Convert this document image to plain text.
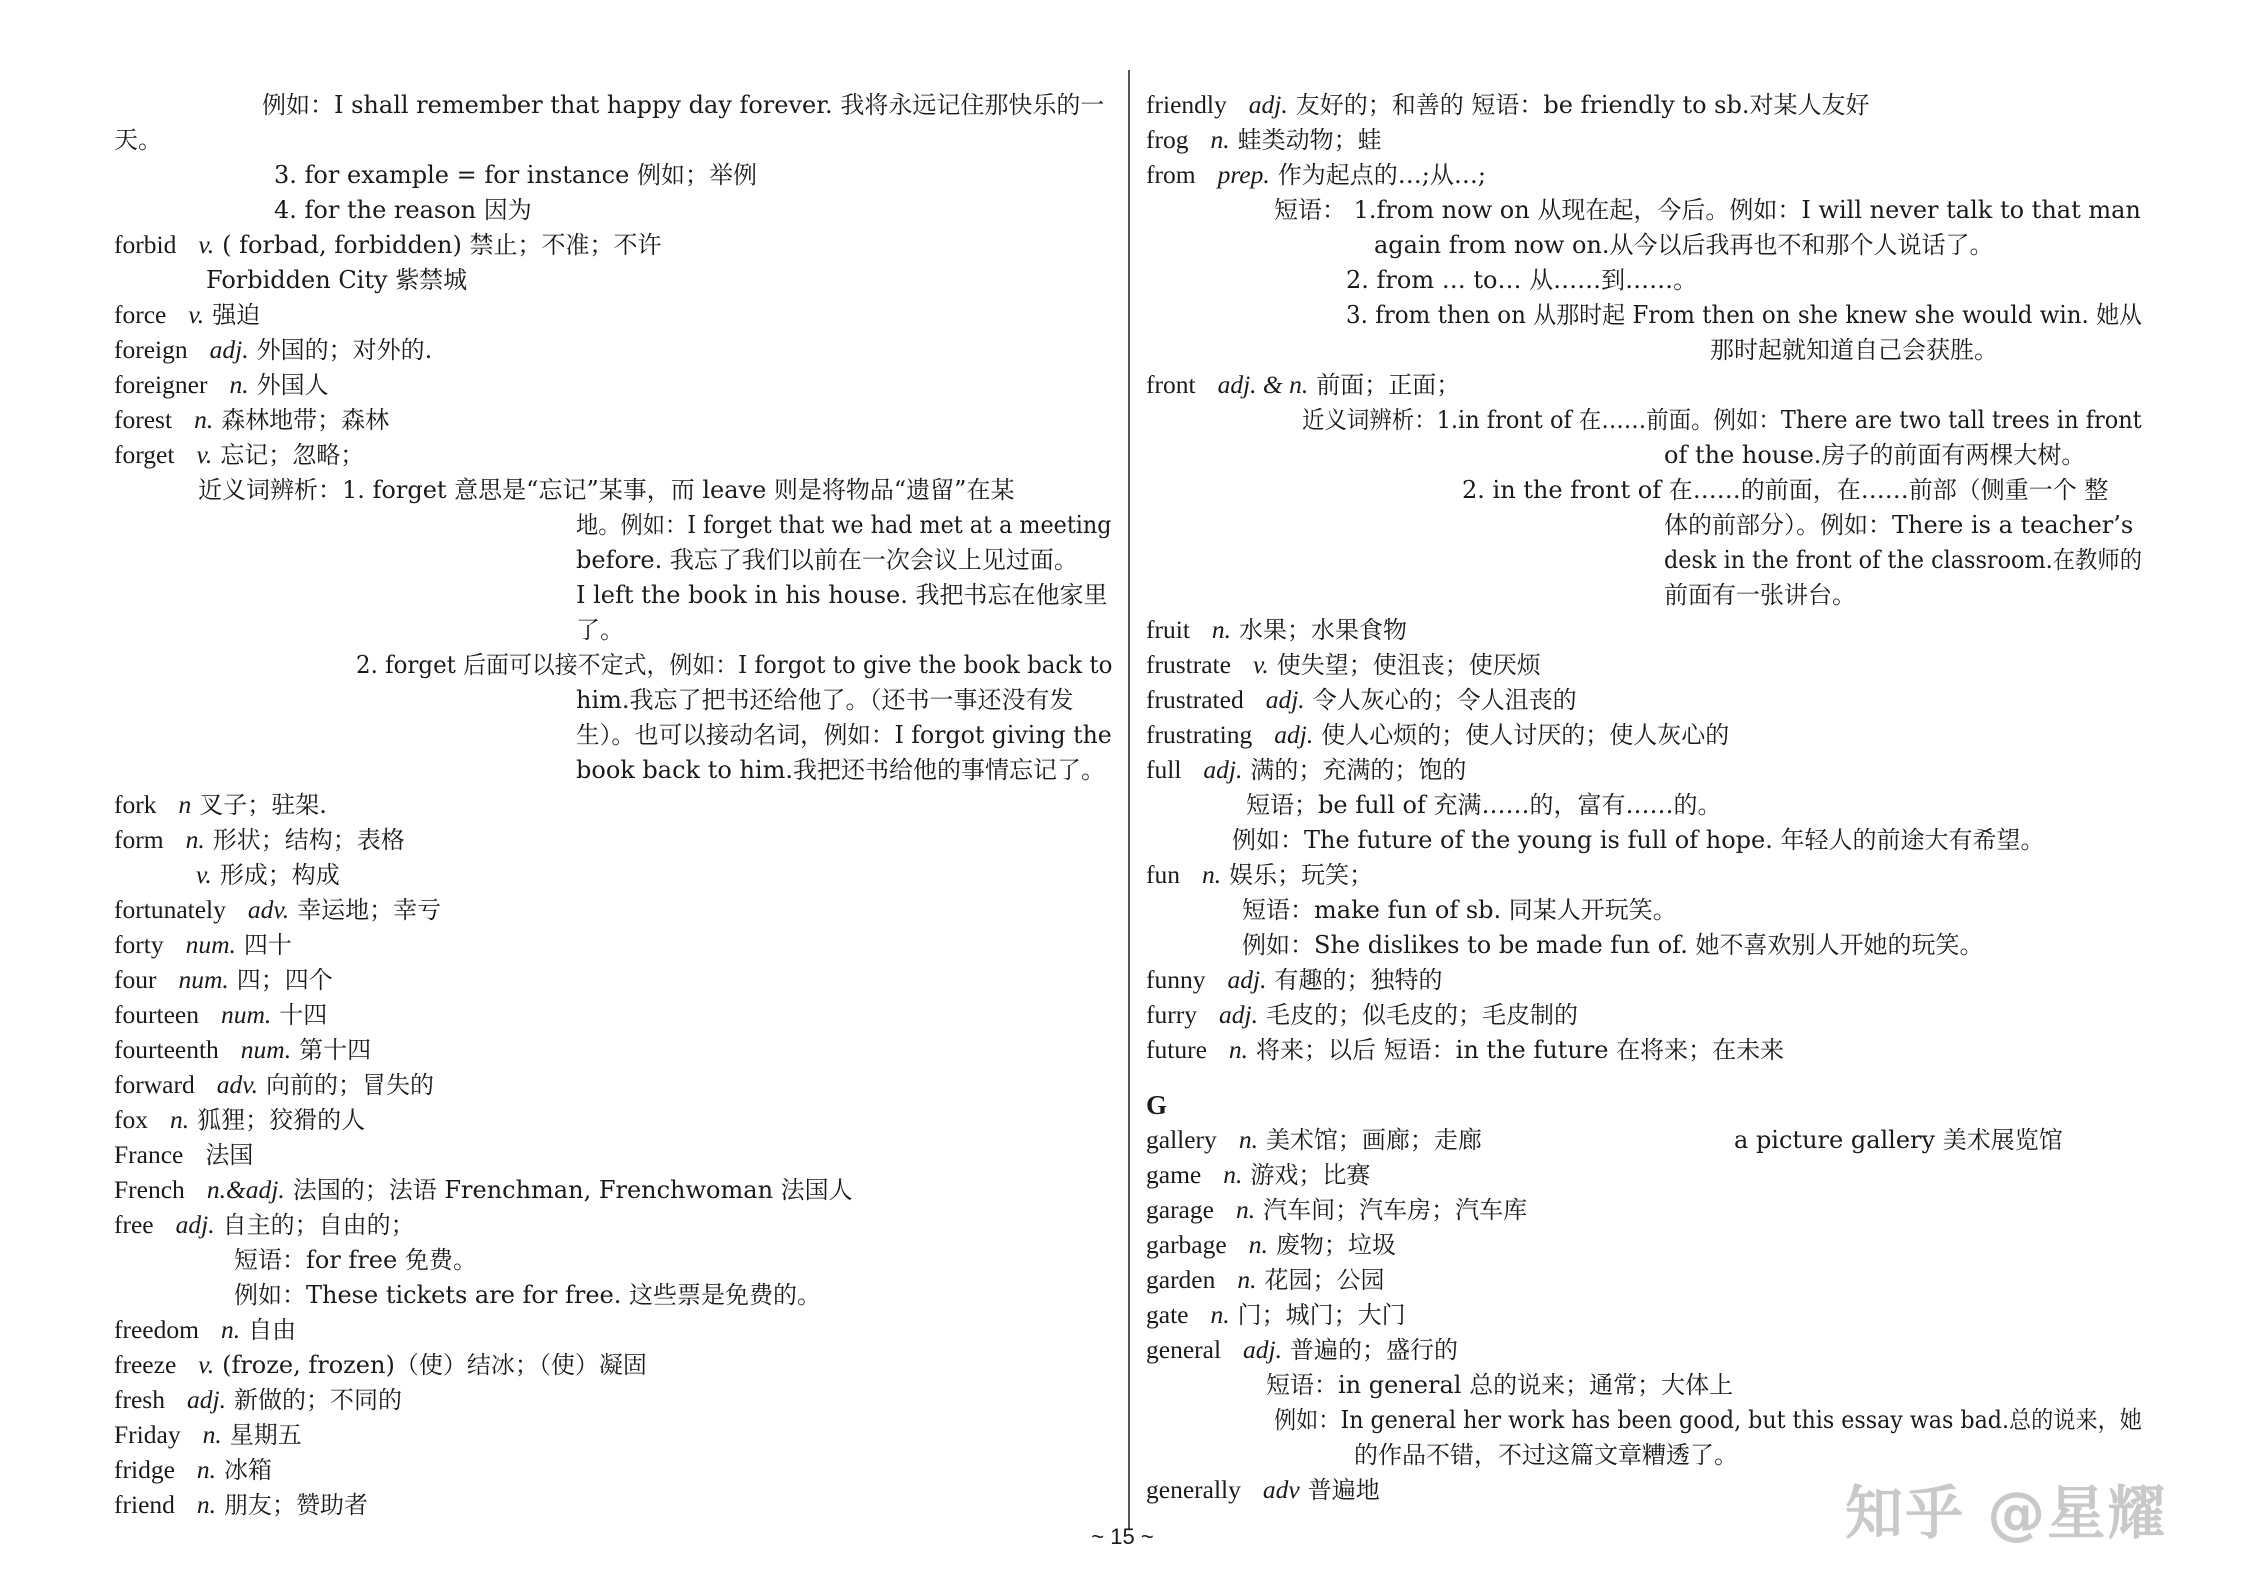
例如：I shall remember that happy day forever. 我将永远记住那快乐的一
天。
3. for example = for instance 例如；举例
4. for the reason 因为
forbid v. ( forbad, forbidden) 禁止；不准；不许
Forbidden City 紫禁城
force v. 强迫
foreign adj. 外国的；对外的.
foreigner n. 外国人
forest n. 森林地带；森林
forget v. 忘记；忽略；
近义词辨析：1. forget 意思是“忘记”某事，而 leave 则是将物品“遗留”在某
地。例如：I forget that we had met at a meeting
before. 我忘了我们以前在一次会议上见过面。
I left the book in his house. 我把书忘在他家里
了。
2. forget 后面可以接不定式，例如：I forgot to give the book back to
him.我忘了把书还给他了。（还书一事还没有发
生）。也可以接动名词，例如：I forgot giving the
book back to him.我把还书给他的事情忘记了。
fork n 叉子；驻架.
form n. 形状；结构；表格
v. 形成；构成
fortunately adv. 幸运地；幸亏
forty num. 四十
four num. 四；四个
fourteen num. 十四
fourteenth num. 第十四
forward adv. 向前的；冒失的
fox n. 狐狸；狡猾的人
France 法国
French n.&adj. 法国的；法语 Frenchman, Frenchwoman 法国人
free adj. 自主的；自由的；
短语：for free 免费。
例如：These tickets are for free. 这些票是免费的。
freedom n. 自由
freeze v. (froze, frozen)（使）结冰；（使）凝固
fresh adj. 新做的；不同的
Friday n. 星期五
fridge n. 冰箱
friend n. 朋友；赞助者
friendly adj. 友好的；和善的 短语：be friendly to sb.对某人友好
frog n. 蛙类动物；蛙
from prep. 作为起点的…;从…;
短语： 1.from now on 从现在起，今后。例如：I will never talk to that man
again from now on.从今以后我再也不和那个人说话了。
2. from … to… 从……到……。
3. from then on 从那时起 From then on she knew she would win. 她从
那时起就知道自己会获胜。
front adj. & n. 前面；正面；
近义词辨析：1.in front of 在……前面。例如：There are two tall trees in front
of the house.房子的前面有两棵大树。
2. in the front of 在……的前面，在……前部（侧重一个 整
体的前部分）。例如：There is a teacher’s
desk in the front of the classroom.在教师的
前面有一张讲台。
fruit n. 水果；水果食物
frustrate v. 使失望；使沮丧；使厌烦
frustrated adj. 令人灰心的；令人沮丧的
frustrating adj. 使人心烦的；使人讨厌的；使人灰心的
full adj. 满的；充满的；饱的
短语；be full of 充满……的，富有……的。
例如：The future of the young is full of hope. 年轻人的前途大有希望。
fun n. 娱乐；玩笑；
短语：make fun of sb. 同某人开玩笑。
例如：She dislikes to be made fun of. 她不喜欢别人开她的玩笑。
funny adj. 有趣的；独特的
furry adj. 毛皮的；似毛皮的；毛皮制的
future n. 将来；以后 短语：in the future 在将来；在未来
G
gallery n. 美术馆；画廊；走廊	a picture gallery 美术展览馆
game n. 游戏；比赛
garage n. 汽车间；汽车房；汽车库
garbage n. 废物；垃圾
garden n. 花园；公园
gate n. 门；城门；大门
general adj. 普遍的；盛行的
短语：in general 总的说来；通常；大体上
例如：In general her work has been good, but this essay was bad.总的说来，她
的作品不错，不过这篇文章糟透了。
generally adv 普遍地	知乎 @星耀
~ 15 ~
